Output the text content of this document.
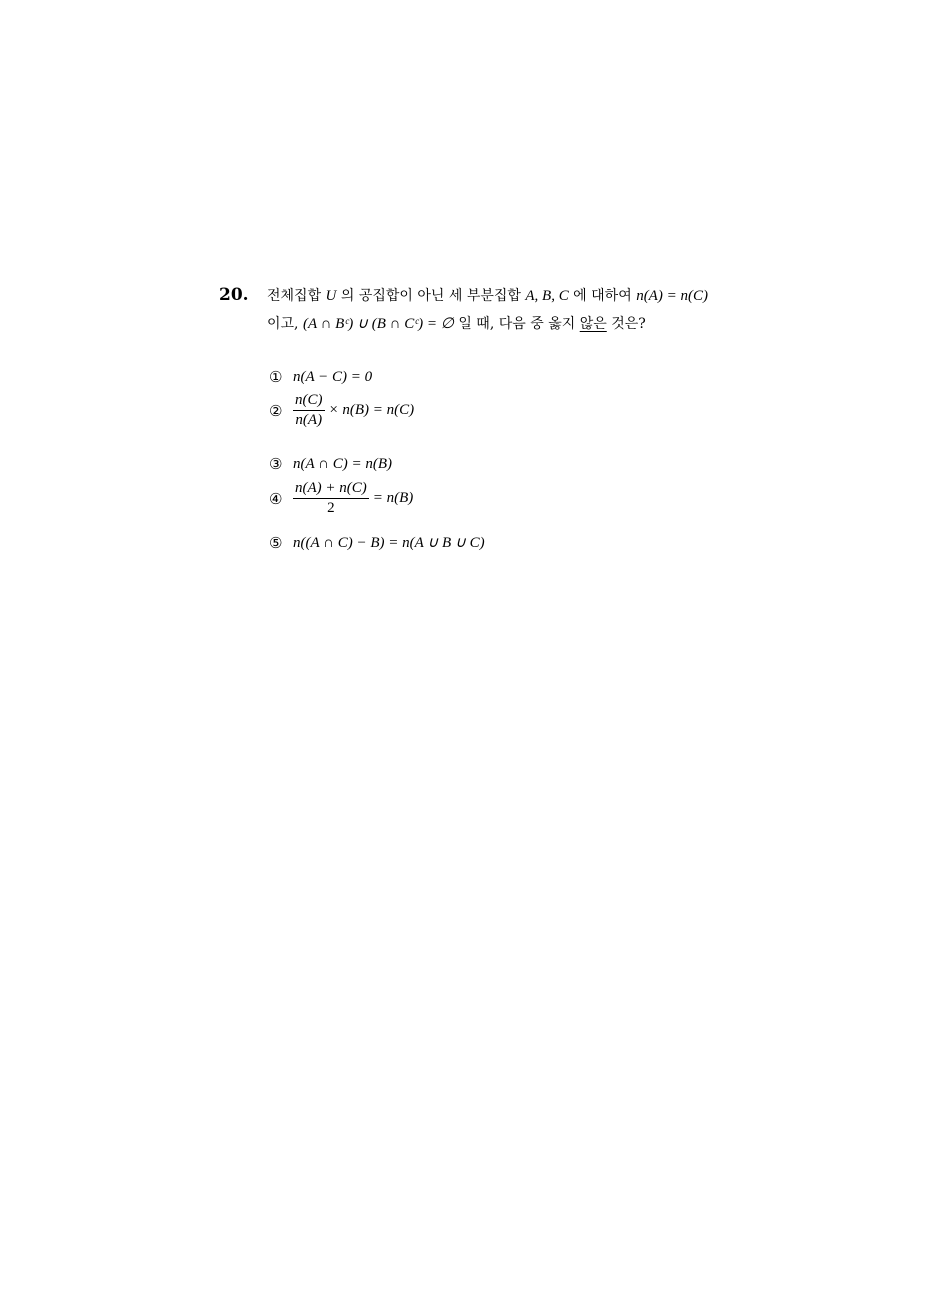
20. 전체집합 U 의 공집합이 아닌 세 부분집합 A, B, C 에 대하여 n(A) = n(C)
이고, (A ∩ Bᶜ) ∪ (B ∩ Cᶜ) = ∅ 일 때, 다음 중 옳지 않은 것은?
① n(A − C) = 0
② $\frac{n(C)}{n(A)} \times n(B) = n(C)$
③ n(A ∩ C) = n(B)
④ $\frac{n(A) + n(C)}{2} = n(B)$
⑤ n((A ∩ C) − B) = n(A ∪ B ∪ C)
